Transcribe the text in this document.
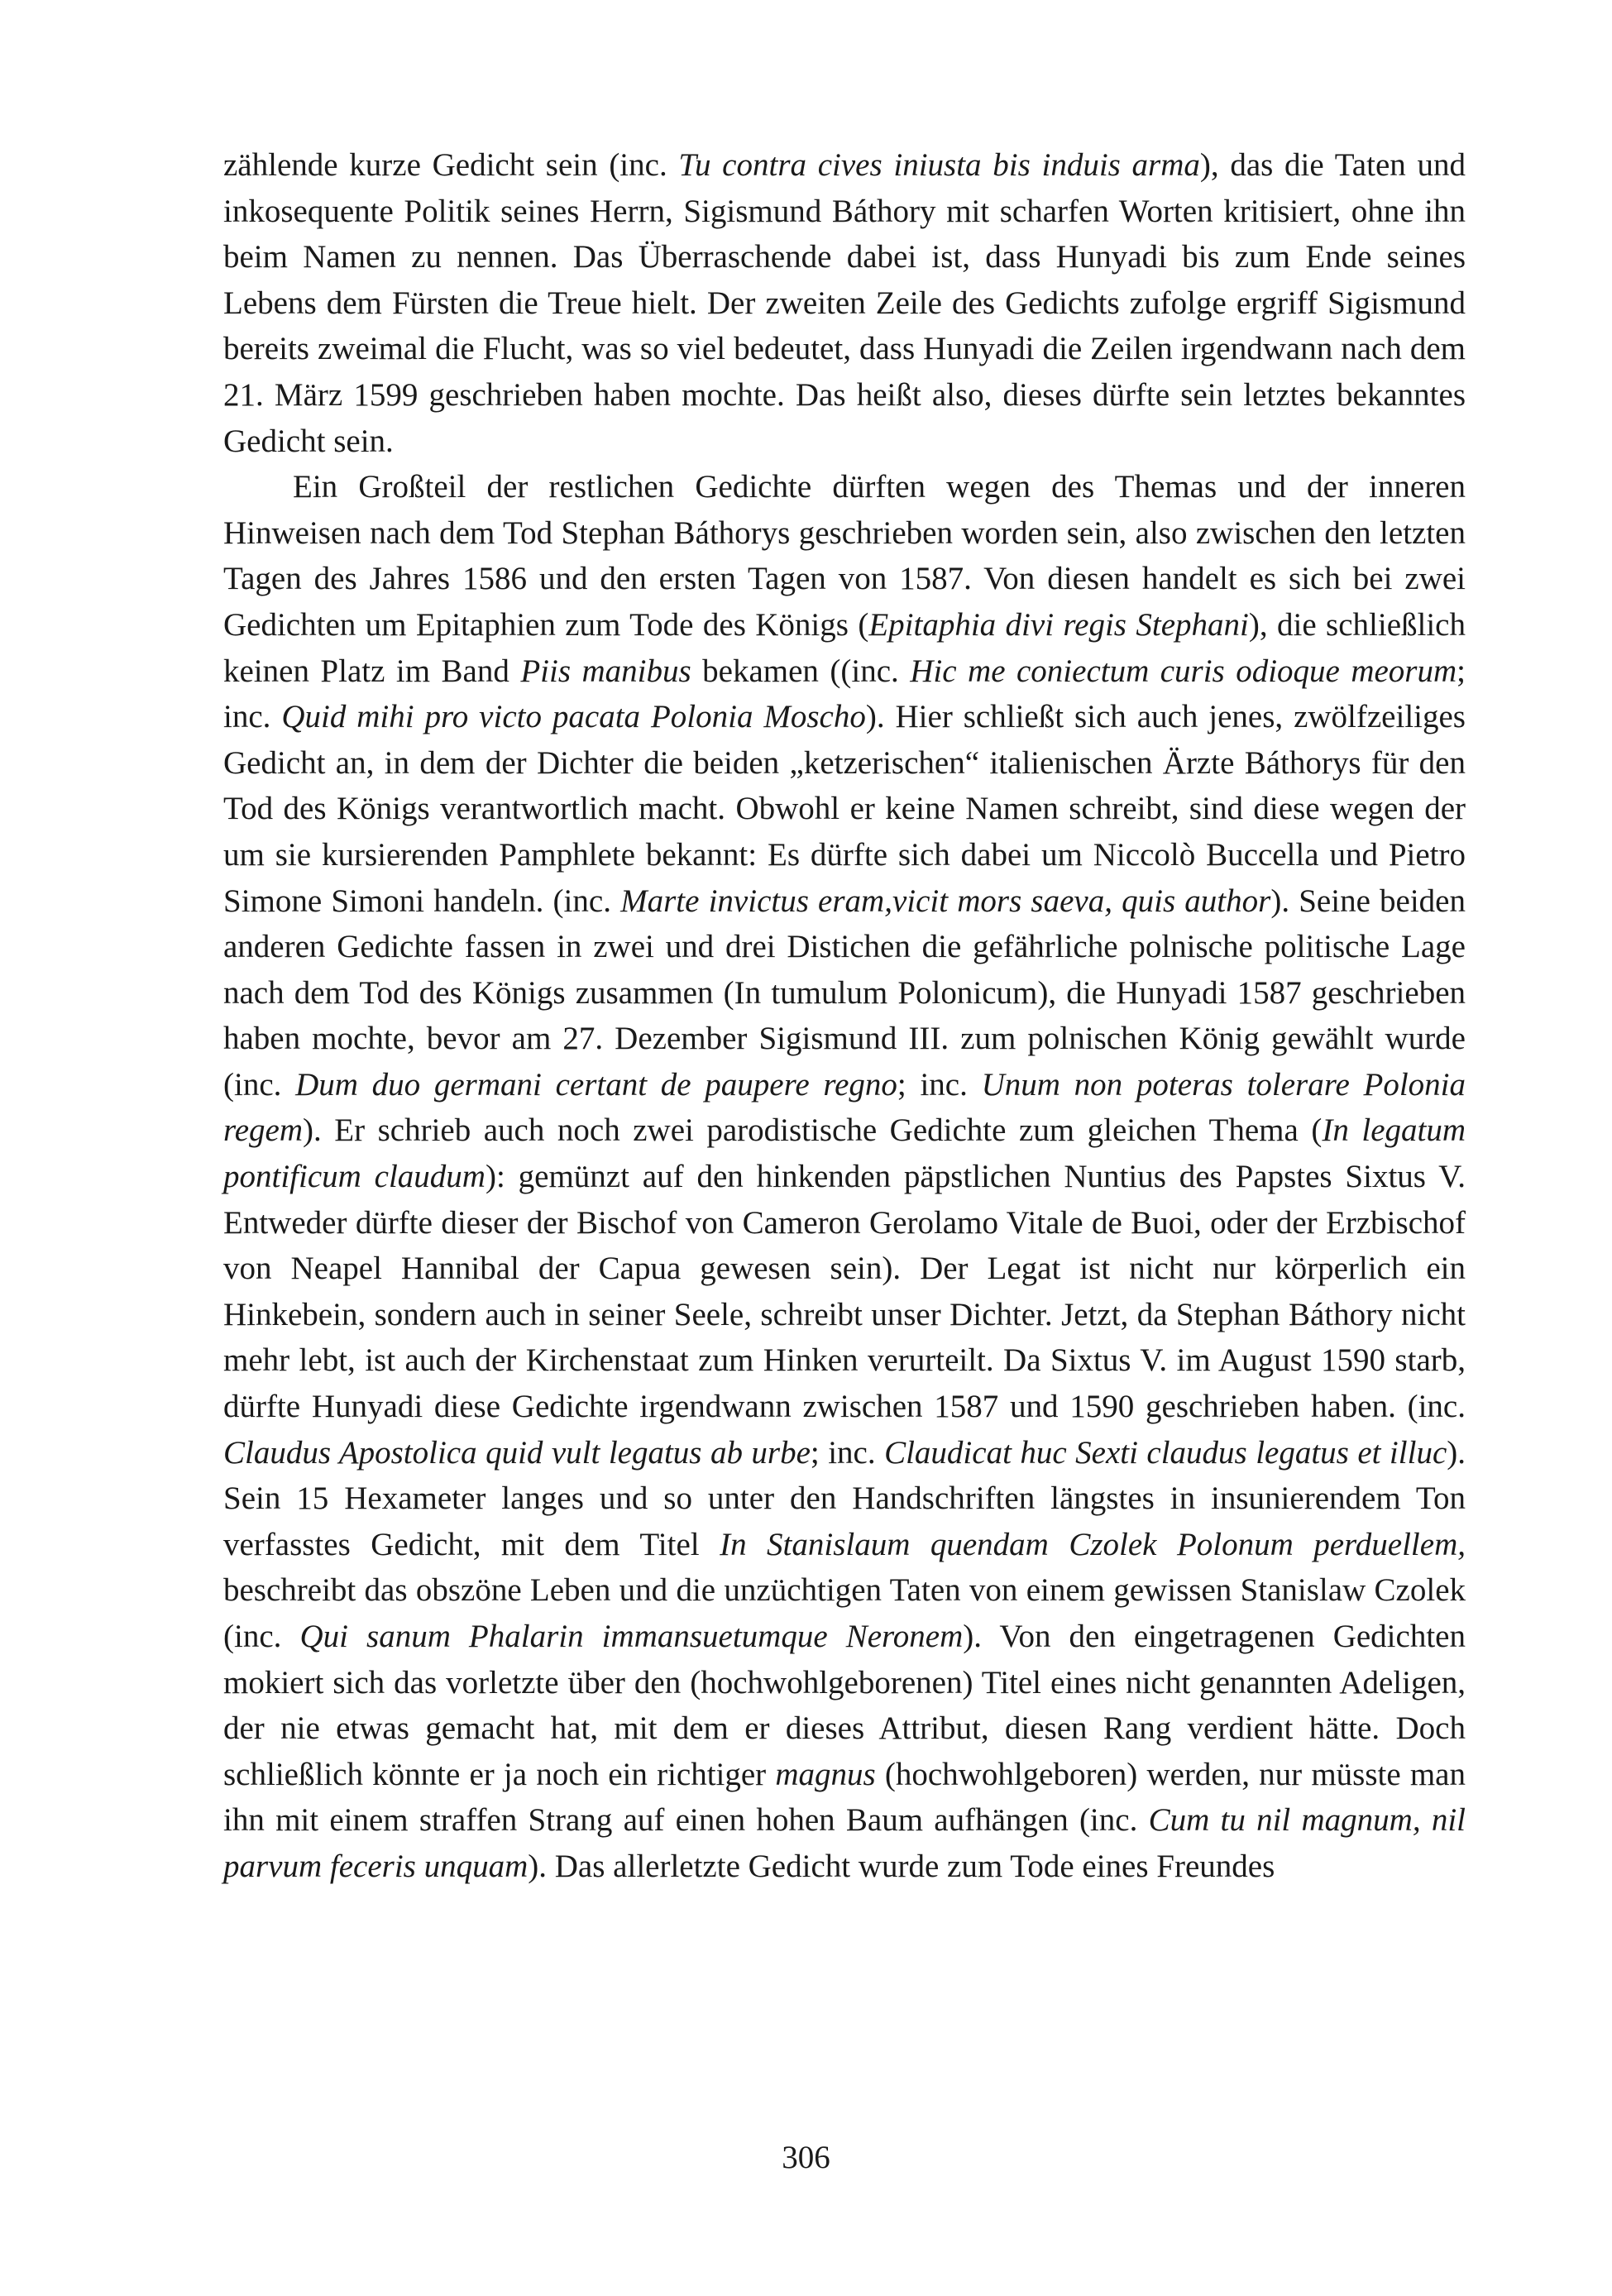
zählende kurze Gedicht sein (inc. Tu contra cives iniusta bis induis arma), das die Taten und inkosequente Politik seines Herrn, Sigismund Báthory mit scharfen Worten kritisiert, ohne ihn beim Namen zu nennen. Das Überraschende dabei ist, dass Hunyadi bis zum Ende seines Lebens dem Fürsten die Treue hielt. Der zweiten Zeile des Gedichts zufolge ergriff Sigismund bereits zweimal die Flucht, was so viel bedeutet, dass Hunyadi die Zeilen irgendwann nach dem 21. März 1599 geschrieben haben mochte. Das heißt also, dieses dürfte sein letztes bekanntes Gedicht sein.

Ein Großteil der restlichen Gedichte dürften wegen des Themas und der inneren Hinweisen nach dem Tod Stephan Báthorys geschrieben worden sein, also zwischen den letzten Tagen des Jahres 1586 und den ersten Tagen von 1587. Von diesen handelt es sich bei zwei Gedichten um Epitaphien zum Tode des Königs (Epitaphia divi regis Stephani), die schließlich keinen Platz im Band Piis manibus bekamen ((inc. Hic me coniectum curis odioque meorum; inc. Quid mihi pro victo pacata Polonia Moscho). Hier schließt sich auch jenes, zwölfzeiliges Gedicht an, in dem der Dichter die beiden „ketzerischen“ italienischen Ärzte Báthorys für den Tod des Königs verantwortlich macht. Obwohl er keine Namen schreibt, sind diese wegen der um sie kursierenden Pamphlete bekannt: Es dürfte sich dabei um Niccolò Buccella und Pietro Simone Simoni handeln. (inc. Marte invictus eram,vicit mors saeva, quis author). Seine beiden anderen Gedichte fassen in zwei und drei Distichen die gefährliche polnische politische Lage nach dem Tod des Königs zusammen (In tumulum Polonicum), die Hunyadi 1587 geschrieben haben mochte, bevor am 27. Dezember Sigismund III. zum polnischen König gewählt wurde (inc. Dum duo germani certant de paupere regno; inc. Unum non poteras tolerare Polonia regem). Er schrieb auch noch zwei parodistische Gedichte zum gleichen Thema (In legatum pontificum claudum): gemünzt auf den hinkenden päpstlichen Nuntius des Papstes Sixtus V. Entweder dürfte dieser der Bischof von Cameron Gerolamo Vitale de Buoi, oder der Erzbischof von Neapel Hannibal der Capua gewesen sein). Der Legat ist nicht nur körperlich ein Hinkebein, sondern auch in seiner Seele, schreibt unser Dichter. Jetzt, da Stephan Báthory nicht mehr lebt, ist auch der Kirchenstaat zum Hinken verurteilt. Da Sixtus V. im August 1590 starb, dürfte Hunyadi diese Gedichte irgendwann zwischen 1587 und 1590 geschrieben haben. (inc. Claudus Apostolica quid vult legatus ab urbe; inc. Claudicat huc Sexti claudus legatus et illuc). Sein 15 Hexameter langes und so unter den Handschriften längstes in insunierendem Ton verfasstes Gedicht, mit dem Titel In Stanislaum quendam Czolek Polonum perduellem, beschreibt das obszöne Leben und die unzüchtigen Taten von einem gewissen Stanislaw Czolek (inc. Qui sanum Phalarin immansuetumque Neronem). Von den eingetragenen Gedichten mokiert sich das vorletzte über den (hochwohlgeborenen) Titel eines nicht genannten Adeligen, der nie etwas gemacht hat, mit dem er dieses Attribut, diesen Rang verdient hätte. Doch schließlich könnte er ja noch ein richtiger magnus (hochwohlgeboren) werden, nur müsste man ihn mit einem straffen Strang auf einen hohen Baum aufhängen (inc. Cum tu nil magnum, nil parvum feceris unquam). Das allerletzte Gedicht wurde zum Tode eines Freundes

306
